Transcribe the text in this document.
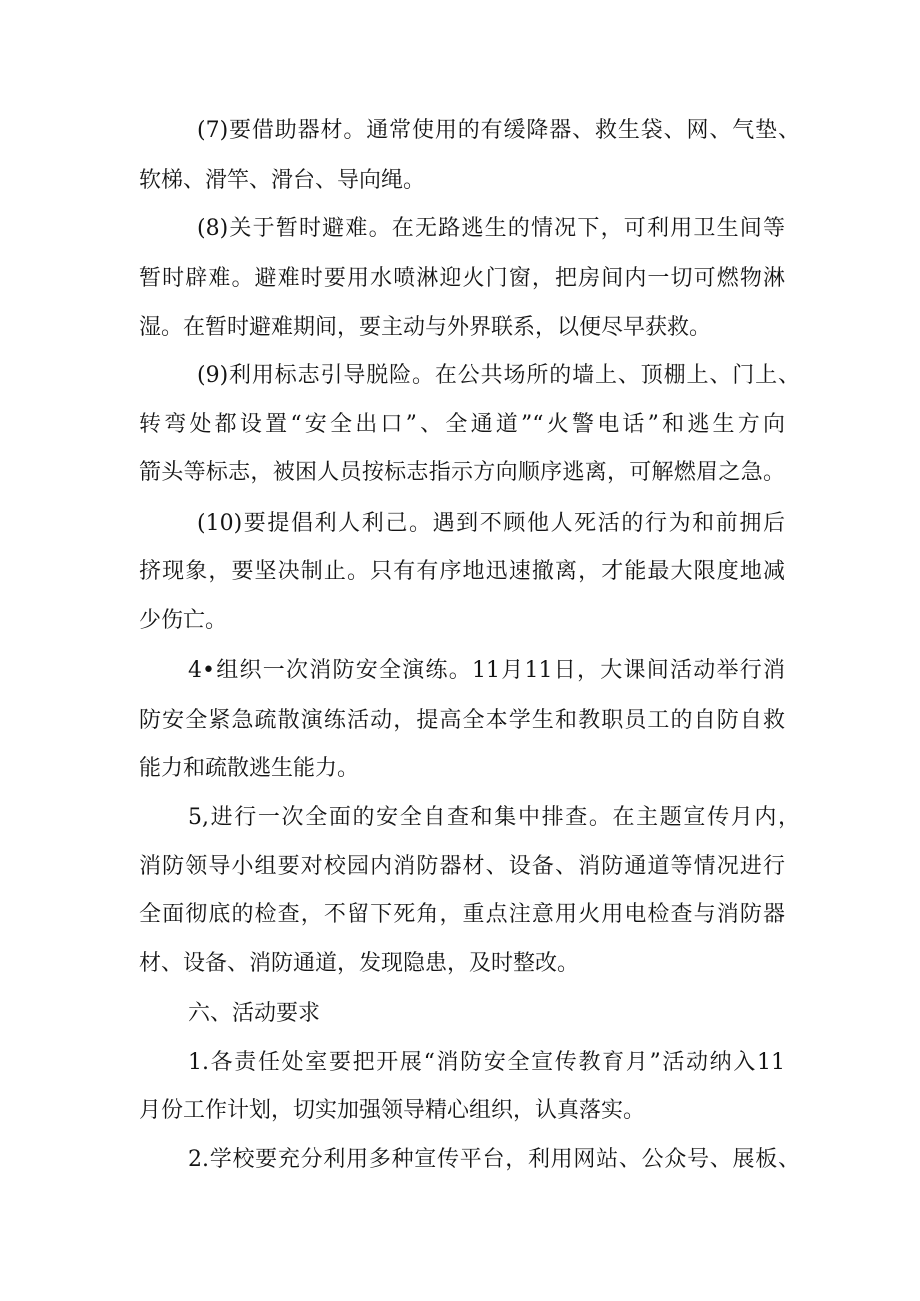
(7)要借助器材。通常使用的有缓降器、救生袋、网、气垫、
软梯、滑竿、滑台、导向绳。
(8)关于暂时避难。在无路逃生的情况下，可利用卫生间等
暂时辟难。避难时要用水喷淋迎火门窗，把房间内一切可燃物淋
湿。在暂时避难期间，要主动与外界联系，以便尽早获救。
(9)利用标志引导脱险。在公共场所的墙上、顶棚上、门上、
转弯处都设置“安全出口”、全通道”“火警电话”和逃生方向
箭头等标志，被困人员按标志指示方向顺序逃离，可解燃眉之急。
(10)要提倡利人利己。遇到不顾他人死活的行为和前拥后
挤现象，要坚决制止。只有有序地迅速撤离，才能最大限度地减
少伤亡。
4•组织一次消防安全演练。11月11日，大课间活动举行消
防安全紧急疏散演练活动，提高全本学生和教职员工的自防自救
能力和疏散逃生能力。
5,进行一次全面的安全自查和集中排查。在主题宣传月内，
消防领导小组要对校园内消防器材、设备、消防通道等情况进行
全面彻底的检查，不留下死角，重点注意用火用电检查与消防器
材、设备、消防通道，发现隐患，及时整改。
六、活动要求
1.各责任处室要把开展“消防安全宣传教育月”活动纳入11
月份工作计划，切实加强领导精心组织，认真落实。
2.学校要充分利用多种宣传平台，利用网站、公众号、展板、
